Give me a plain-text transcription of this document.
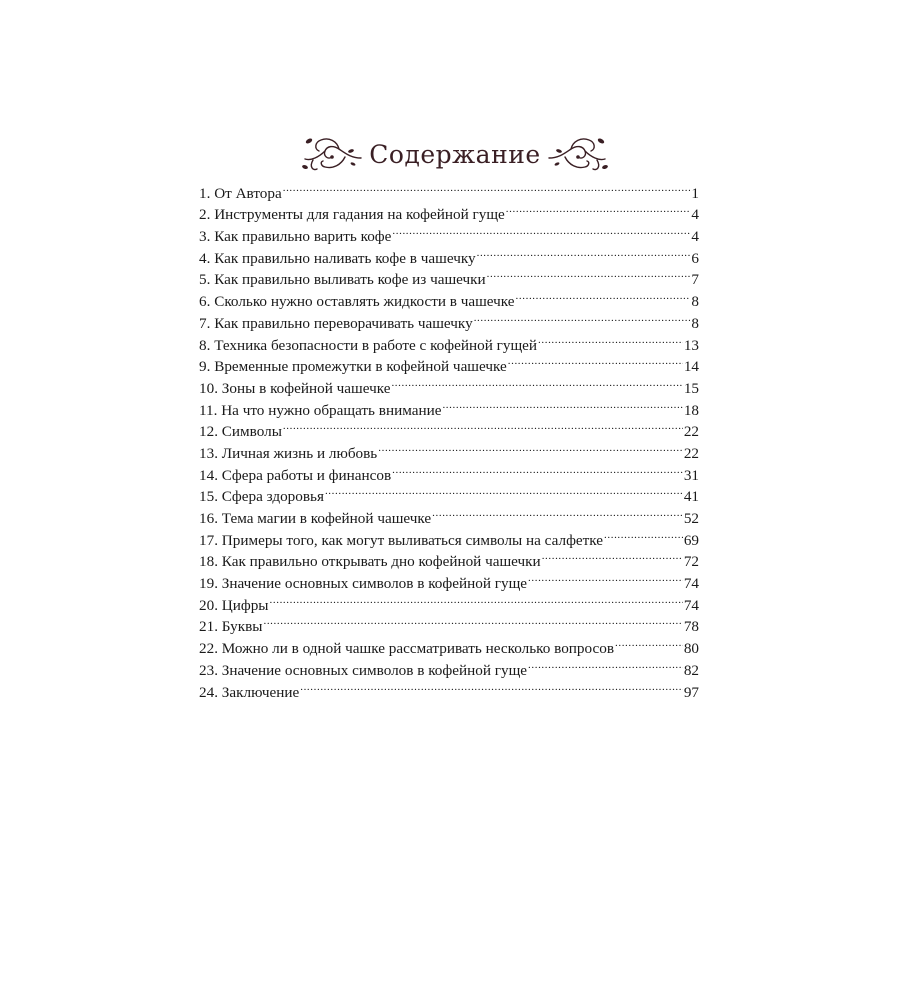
Содержание
1. От Автора .....	1
2. Инструменты для гадания на кофейной гуще .....	4
3. Как правильно варить кофе .....	4
4. Как правильно наливать кофе в чашечку .....	6
5. Как правильно выливать кофе из чашечки .....	7
6. Сколько нужно оставлять жидкости в чашечке .....	8
7. Как правильно переворачивать чашечку .....	8
8. Техника безопасности в работе с кофейной гущей .....	13
9. Временные промежутки в кофейной чашечке .....	14
10. Зоны в кофейной чашечке .....	15
11. На что нужно обращать внимание .....	18
12. Символы .....	22
13. Личная жизнь и любовь .....	22
14. Сфера работы и финансов .....	31
15. Сфера здоровья .....	41
16. Тема магии в кофейной чашечке .....	52
17. Примеры того, как могут выливаться символы на салфетке .....	69
18. Как правильно открывать дно кофейной чашечки .....	72
19. Значение основных символов в кофейной гуще .....	74
20. Цифры .....	74
21. Буквы .....	78
22. Можно ли в одной чашке рассматривать несколько вопросов .....	80
23. Значение основных символов в кофейной гуще .....	82
24. Заключение .....	97
